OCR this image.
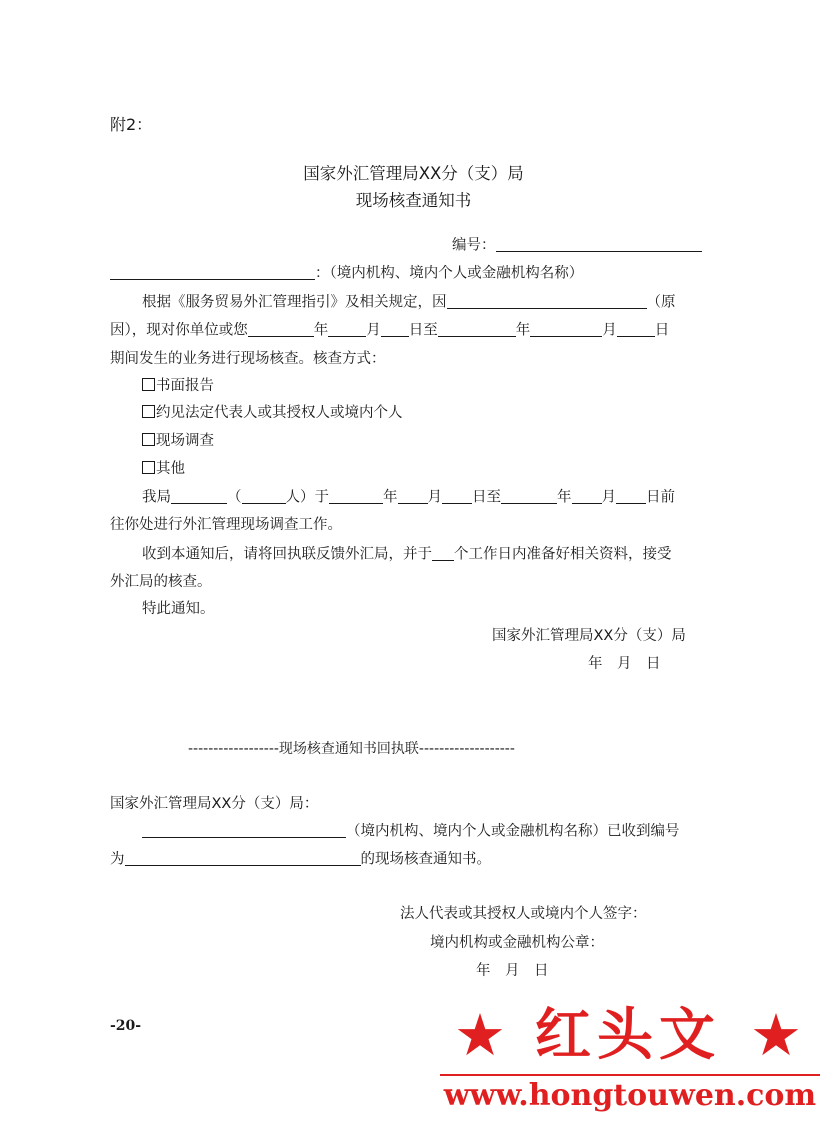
附2：
国家外汇管理局XX分（支）局
现场核查通知书
编号：
：（境内机构、境内个人或金融机构名称）
根据《服务贸易外汇管理指引》及相关规定，因	（原
因），现对你单位或您	年	月 日至	年	月	日
期间发生的业务进行现场核查。核查方式：
书面报告
约见法定代表人或其授权人或境内个人
现场调查
其他
我局	（	人）于	年 月 日至	年 月 日前
往你处进行外汇管理现场调查工作。
收到本通知后，请将回执联反馈外汇局，并于 个工作日内准备好相关资料，接受
外汇局的核查。
特此通知。
国家外汇管理局XX分（支）局
年　月　日
------------------现场核查通知书回执联-------------------
国家外汇管理局XX分（支）局：
（境内机构、境内个人或金融机构名称）已收到编号
为	的现场核查通知书。
法人代表或其授权人或境内个人签字：
境内机构或金融机构公章：
年　月　日
-20-	★ 红头文 ★
www.hongtouwen.com
